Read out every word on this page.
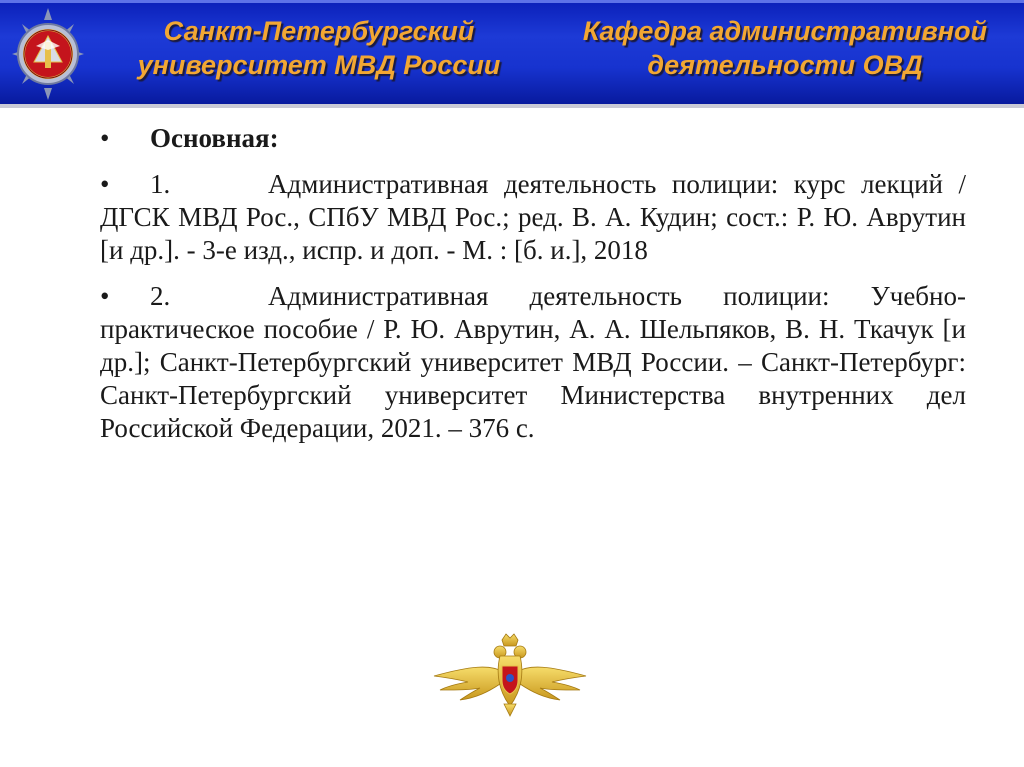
Санкт-Петербургский
университет МВД России
Кафедра административной
деятельности ОВД
• Основная:
• 1.	Административная деятельность полиции: курс лекций / ДГСК МВД Рос., СПбУ МВД Рос.; ред. В. А. Кудин; сост.: Р. Ю. Аврутин [и др.]. - 3-е изд., испр. и доп. - М. : [б. и.], 2018
• 2.	Административная деятельность полиции: Учебно-практическое пособие / Р. Ю. Аврутин, А. А. Шельпяков, В. Н. Ткачук [и др.]; Санкт-Петербургский университет МВД России. – Санкт-Петербург: Санкт-Петербургский университет Министерства внутренних дел Российской Федерации, 2021. – 376 с.
